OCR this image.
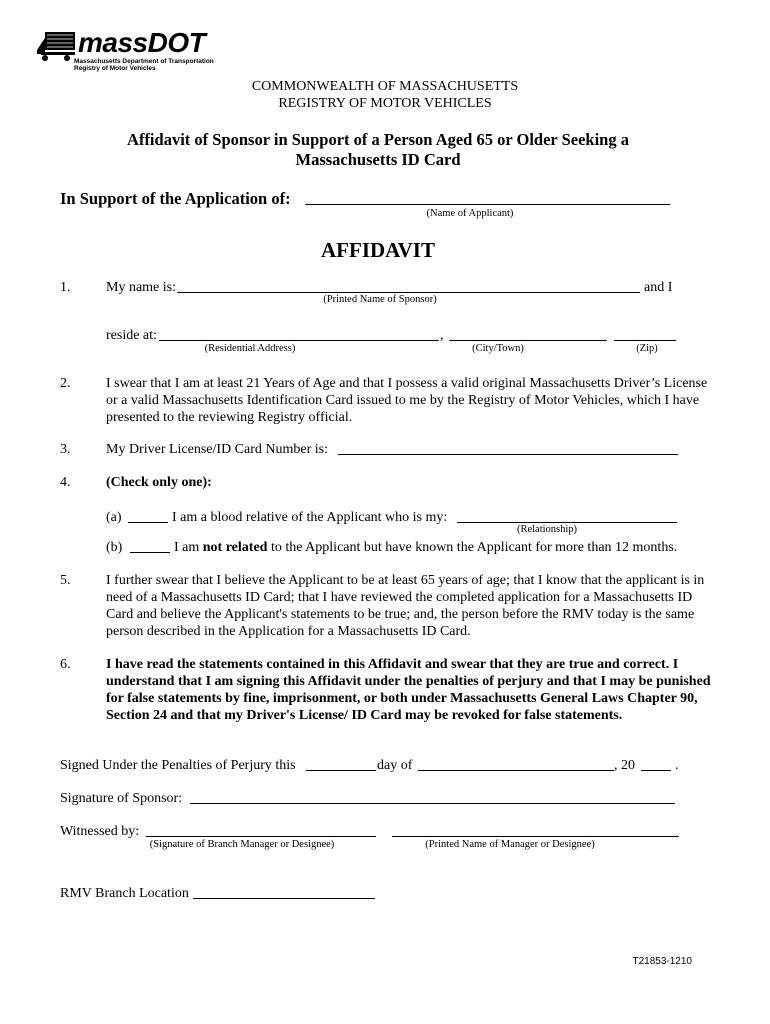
massDOT
Massachusetts Department of Transportation
Registry of Motor Vehicles
COMMONWEALTH OF MASSACHUSETTS
REGISTRY OF MOTOR VEHICLES
Affidavit of Sponsor in Support of a Person Aged 65 or Older Seeking a
Massachusetts ID Card
In Support of the Application of:
(Name of Applicant)
AFFIDAVIT
1.	My name is:	and I
(Printed Name of Sponsor)
reside at:	,
(Residential Address)	(City/Town)	(Zip)
2.	I swear that I am at least 21 Years of Age and that I possess a valid original Massachusetts Driver’s License or a valid Massachusetts Identification Card issued to me by the Registry of Motor Vehicles, which I have presented to the reviewing Registry official.
3.	My Driver License/ID Card Number is:
4.	(Check only one):
(a)	I am a blood relative of the Applicant who is my:
(Relationship)
(b)	I am not related to the Applicant but have known the Applicant for more than 12 months.
5.	I further swear that I believe the Applicant to be at least 65 years of age; that I know that the applicant is in need of a Massachusetts ID Card; that I have reviewed the completed application for a Massachusetts ID Card and believe the Applicant's statements to be true; and, the person before the RMV today is the same person described in the Application for a Massachusetts ID Card.
6.	I have read the statements contained in this Affidavit and swear that they are true and correct. I understand that I am signing this Affidavit under the penalties of perjury and that I may be punished for false statements by fine, imprisonment, or both under Massachusetts General Laws Chapter 90, Section 24 and that my Driver's License/ ID Card may be revoked for false statements.
Signed Under the Penalties of Perjury this	day of	, 20	.
Signature of Sponsor:
Witnessed by:
(Signature of Branch Manager or Designee)	(Printed Name of Manager or Designee)
RMV Branch Location
T21853-1210
